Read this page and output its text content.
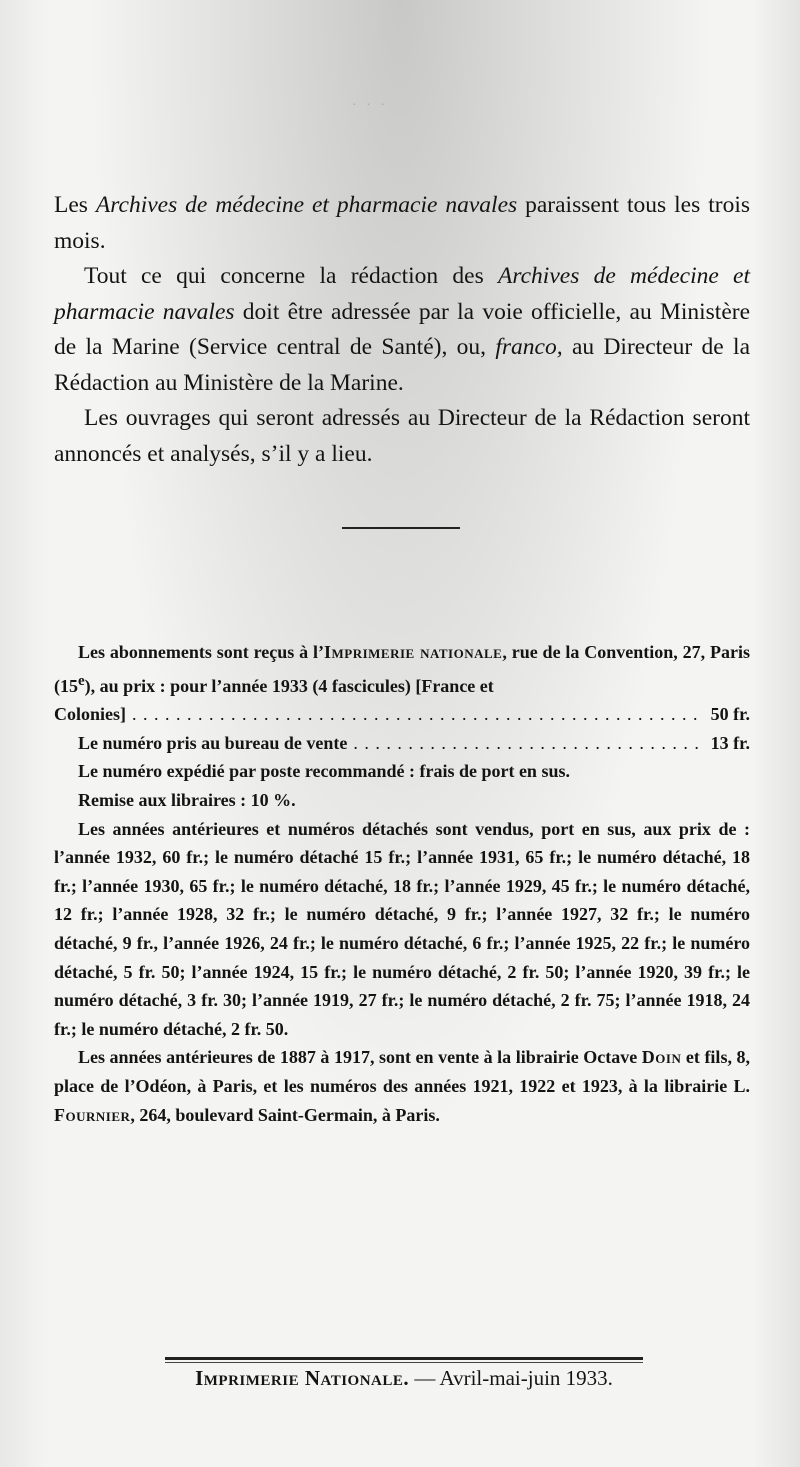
· · ·

Les Archives de médecine et pharmacie navales paraissent tous les trois mois.

Tout ce qui concerne la rédaction des Archives de médecine et pharmacie navales doit être adressée par la voie officielle, au Ministère de la Marine (Service central de Santé), ou, franco, au Directeur de la Rédaction au Ministère de la Marine.

Les ouvrages qui seront adressés au Directeur de la Rédaction seront annoncés et analysés, s’il y a lieu.

Les abonnements sont reçus à l’Imprimerie nationale, rue de la Convention, 27, Paris (15e), au prix : pour l’année 1933 (4 fascicules) [France et

Colonies] . . .	50 fr.
Le numéro pris au bureau de vente . . .	13 fr.

Le numéro expédié par poste recommandé : frais de port en sus.

Remise aux libraires : 10 %.

Les années antérieures et numéros détachés sont vendus, port en sus, aux prix de : l’année 1932, 60 fr.; le numéro détaché 15 fr.; l’année 1931, 65 fr.; le numéro détaché, 18 fr.; l’année 1930, 65 fr.; le numéro détaché, 18 fr.; l’année 1929, 45 fr.; le numéro détaché, 12 fr.; l’année 1928, 32 fr.; le numéro détaché, 9 fr.; l’année 1927, 32 fr.; le numéro détaché, 9 fr., l’année 1926, 24 fr.; le numéro détaché, 6 fr.; l’année 1925, 22 fr.; le numéro détaché, 5 fr. 50; l’année 1924, 15 fr.; le numéro détaché, 2 fr. 50; l’année 1920, 39 fr.; le numéro détaché, 3 fr. 30; l’année 1919, 27 fr.; le numéro détaché, 2 fr. 75; l’année 1918, 24 fr.; le numéro détaché, 2 fr. 50.

Les années antérieures de 1887 à 1917, sont en vente à la librairie Octave Doin et fils, 8, place de l’Odéon, à Paris, et les numéros des années 1921, 1922 et 1923, à la librairie L. Fournier, 264, boulevard Saint-Germain, à Paris.

Imprimerie Nationale. — Avril-mai-juin 1933.
